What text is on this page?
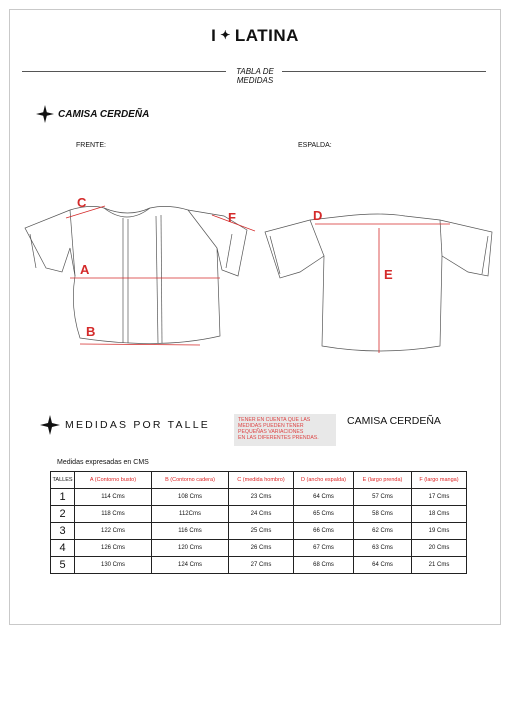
I ✦ LATINA
TABLA DE
MEDIDAS
CAMISA CERDEÑA
FRENTE:	ESPALDA:
C
F
A
B
D
E
MEDIDAS POR TALLE	TENER EN CUENTA QUE LAS
MEDIDAS PUEDEN TENER
PEQUEÑAS VARIACIONES
EN LAS DIFERENTES PRENDAS.
CAMISA CERDEÑA
Medidas expresadas en CMS
TALLES	A (Contorno busto)	B (Contorno cadera)	C (medida hombro)	D (ancho espalda)	E (largo prenda)	F (largo manga)
1	114 Cms	108 Cms	23 Cms	64 Cms	57 Cms	17 Cms
2	118 Cms	112Cms	24 Cms	65 Cms	58 Cms	18 Cms
3	122 Cms	116 Cms	25 Cms	66 Cms	62 Cms	19 Cms
4	126 Cms	120 Cms	26 Cms	67 Cms	63 Cms	20 Cms
5	130 Cms	124 Cms	27 Cms	68 Cms	64 Cms	21 Cms
